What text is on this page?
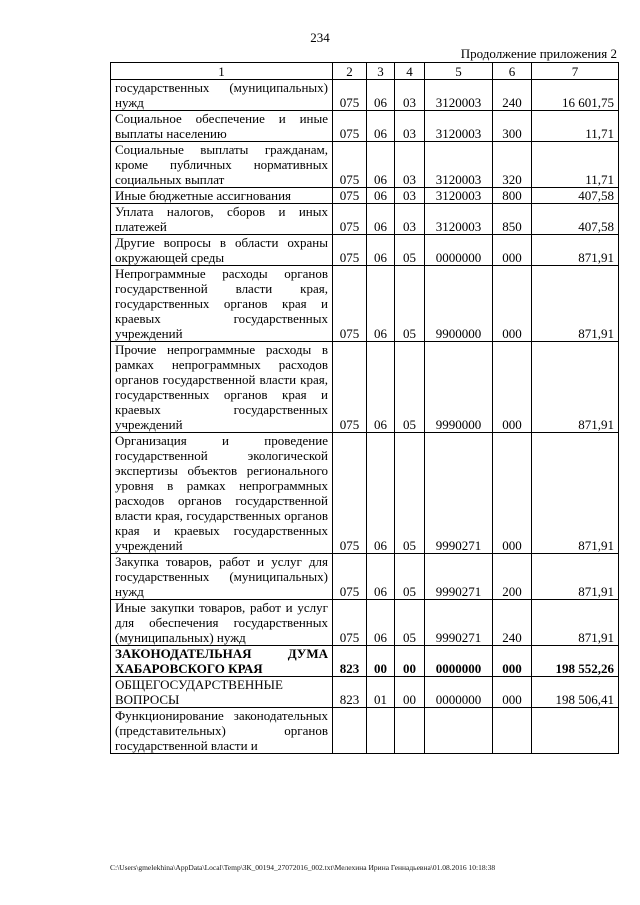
234
Продолжение приложения 2
1	2	3	4	5	6	7
государственных (муниципальных) нужд	075	06	03	3120003	240	16 601,75
Социальное обеспечение и иные выплаты населению	075	06	03	3120003	300	11,71
Социальные выплаты гражданам, кроме публичных нормативных социальных выплат	075	06	03	3120003	320	11,71
Иные бюджетные ассигнования	075	06	03	3120003	800	407,58
Уплата налогов, сборов и иных платежей	075	06	03	3120003	850	407,58
Другие вопросы в области охраны окружающей среды	075	06	05	0000000	000	871,91
Непрограммные расходы органов государственной власти края, государственных органов края и краевых государственных учреждений	075	06	05	9900000	000	871,91
Прочие непрограммные расходы в рамках непрограммных расходов органов государственной власти края, государственных органов края и краевых государственных учреждений	075	06	05	9990000	000	871,91
Организация и проведение государственной экологической экспертизы объектов регионального уровня в рамках непрограммных расходов органов государственной власти края, государственных органов края и краевых государственных учреждений	075	06	05	9990271	000	871,91
Закупка товаров, работ и услуг для государственных (муниципальных) нужд	075	06	05	9990271	200	871,91
Иные закупки товаров, работ и услуг для обеспечения государственных (муниципальных) нужд	075	06	05	9990271	240	871,91
ЗАКОНОДАТЕЛЬНАЯ ДУМА ХАБАРОВСКОГО КРАЯ	823	00	00	0000000	000	198 552,26
ОБЩЕГОСУДАРСТВЕННЫЕ ВОПРОСЫ	823	01	00	0000000	000	198 506,41
Функционирование законодательных (представительных) органов государственной власти и						
C:\Users\gmelekhina\AppData\Local\Temp\ЗК_00194_27072016_002.txt\Мелехина Ирина Геннадьевна\01.08.2016 10:18:38
